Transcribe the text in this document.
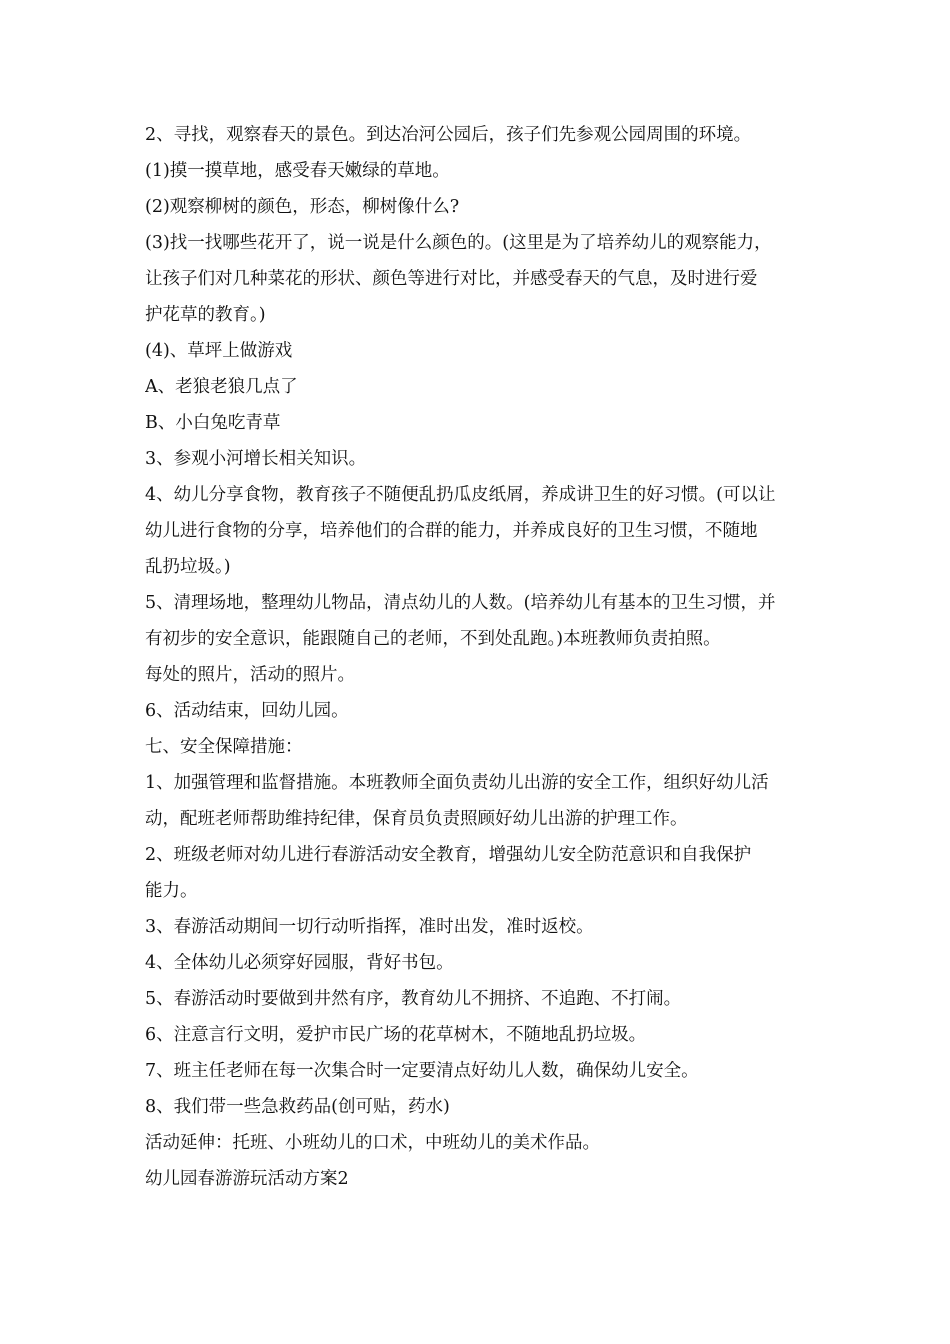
2、寻找，观察春天的景色。到达冶河公园后，孩子们先参观公园周围的环境。
(1)摸一摸草地，感受春天嫩绿的草地。
(2)观察柳树的颜色，形态，柳树像什么?
(3)找一找哪些花开了，说一说是什么颜色的。(这里是为了培养幼儿的观察能力，
让孩子们对几种菜花的形状、颜色等进行对比，并感受春天的气息，及时进行爱
护花草的教育。)
(4)、草坪上做游戏
A、老狼老狼几点了
B、小白兔吃青草
3、参观小河增长相关知识。
4、幼儿分享食物，教育孩子不随便乱扔瓜皮纸屑，养成讲卫生的好习惯。(可以让
幼儿进行食物的分享，培养他们的合群的能力，并养成良好的卫生习惯，不随地
乱扔垃圾。)
5、清理场地，整理幼儿物品，清点幼儿的人数。(培养幼儿有基本的卫生习惯，并
有初步的安全意识，能跟随自己的老师，不到处乱跑。)本班教师负责拍照。
每处的照片，活动的照片。
6、活动结束，回幼儿园。
七、安全保障措施：
1、加强管理和监督措施。本班教师全面负责幼儿出游的安全工作，组织好幼儿活
动，配班老师帮助维持纪律，保育员负责照顾好幼儿出游的护理工作。
2、班级老师对幼儿进行春游活动安全教育，增强幼儿安全防范意识和自我保护
能力。
3、春游活动期间一切行动听指挥，准时出发，准时返校。
4、全体幼儿必须穿好园服，背好书包。
5、春游活动时要做到井然有序，教育幼儿不拥挤、不追跑、不打闹。
6、注意言行文明，爱护市民广场的花草树木，不随地乱扔垃圾。
7、班主任老师在每一次集合时一定要清点好幼儿人数，确保幼儿安全。
8、我们带一些急救药品(创可贴，药水)
活动延伸：托班、小班幼儿的口术，中班幼儿的美术作品。
幼儿园春游游玩活动方案2
